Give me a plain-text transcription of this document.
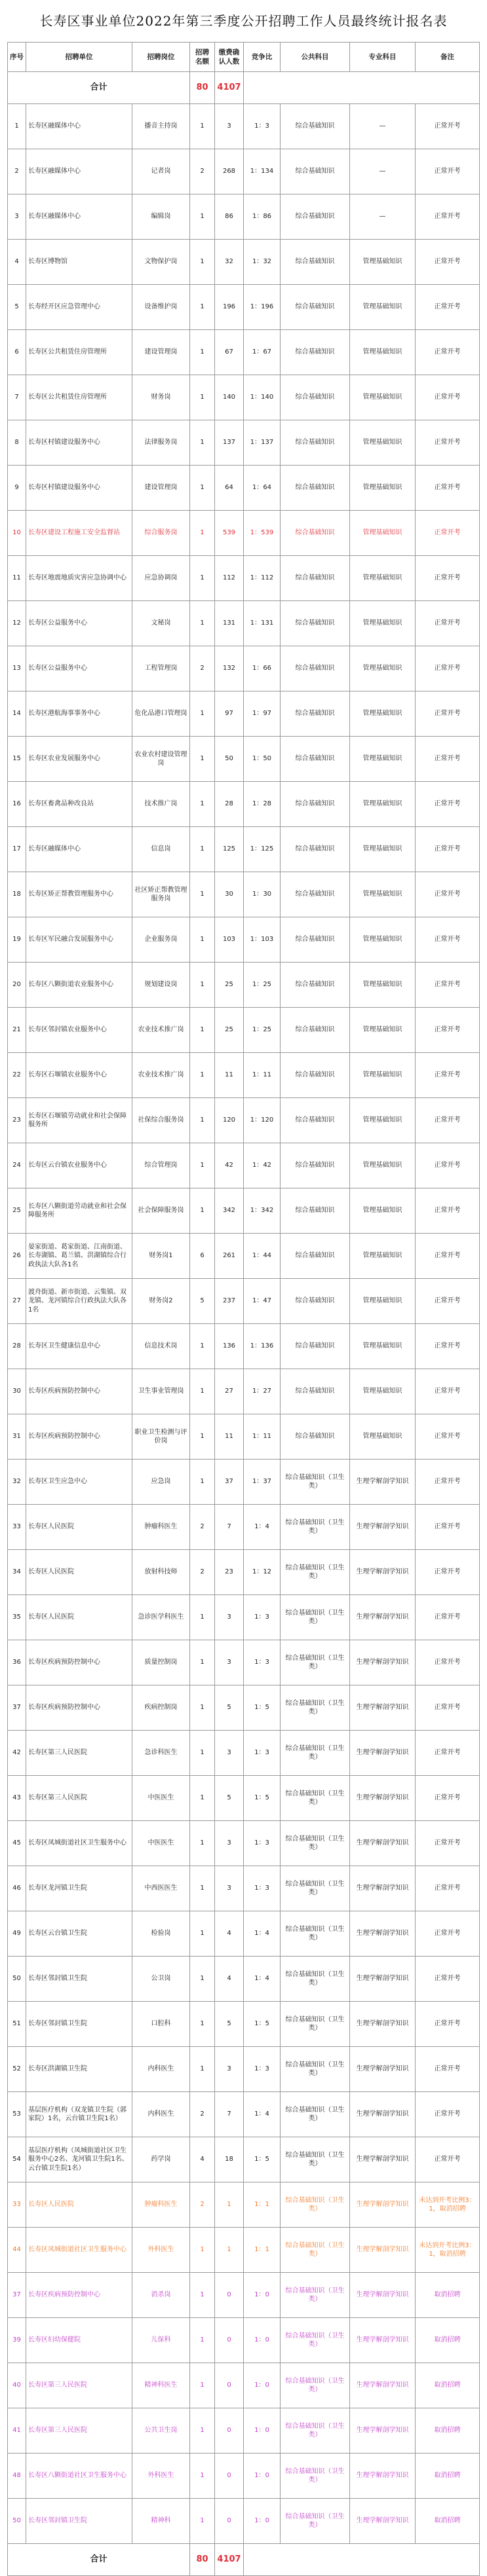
长寿区事业单位2022年第三季度公开招聘工作人员最终统计报名表
序号	招聘单位	招聘岗位	招聘名额	缴费确认人数	竞争比	公共科目	专业科目	备注
合计			80	4107				
1	长寿区融媒体中心	播音主持岗	1	3	1：3	综合基础知识	—	正常开考
2	长寿区融媒体中心	记者岗	2	268	1：134	综合基础知识	—	正常开考
3	长寿区融媒体中心	编辑岗	1	86	1：86	综合基础知识	—	正常开考
4	长寿区博物馆	文物保护岗	1	32	1：32	综合基础知识	管理基础知识	正常开考
5	长寿经开区应急管理中心	设备维护岗	1	196	1：196	综合基础知识	管理基础知识	正常开考
6	长寿区公共租赁住房管理所	建设管理岗	1	67	1：67	综合基础知识	管理基础知识	正常开考
7	长寿区公共租赁住房管理所	财务岗	1	140	1：140	综合基础知识	管理基础知识	正常开考
8	长寿区村镇建设服务中心	法律服务岗	1	137	1：137	综合基础知识	管理基础知识	正常开考
9	长寿区村镇建设服务中心	建设管理岗	1	64	1：64	综合基础知识	管理基础知识	正常开考
10	长寿区建设工程施工安全监督站	综合服务岗	1	539	1：539	综合基础知识	管理基础知识	正常开考
11	长寿区地震地质灾害应急协调中心	应急协调岗	1	112	1：112	综合基础知识	管理基础知识	正常开考
12	长寿区公益服务中心	文秘岗	1	131	1：131	综合基础知识	管理基础知识	正常开考
13	长寿区公益服务中心	工程管理岗	2	132	1：66	综合基础知识	管理基础知识	正常开考
14	长寿区港航海事事务中心	危化品港口管理岗	1	97	1：97	综合基础知识	管理基础知识	正常开考
15	长寿区农业发展服务中心	农业农村建设管理岗	1	50	1：50	综合基础知识	管理基础知识	正常开考
16	长寿区畜禽品种改良站	技术推广岗	1	28	1：28	综合基础知识	管理基础知识	正常开考
17	长寿区融媒体中心	信息岗	1	125	1：125	综合基础知识	管理基础知识	正常开考
18	长寿区矫正帮教管理服务中心	社区矫正帮教管理服务岗	1	30	1：30	综合基础知识	管理基础知识	正常开考
19	长寿区军民融合发展服务中心	企业服务岗	1	103	1：103	综合基础知识	管理基础知识	正常开考
20	长寿区八颗街道农业服务中心	规划建设岗	1	25	1：25	综合基础知识	管理基础知识	正常开考
21	长寿区邻封镇农业服务中心	农业技术推广岗	1	25	1：25	综合基础知识	管理基础知识	正常开考
22	长寿区石堰镇农业服务中心	农业技术推广岗	1	11	1：11	综合基础知识	管理基础知识	正常开考
23	长寿区石堰镇劳动就业和社会保障服务所	社保综合服务岗	1	120	1：120	综合基础知识	管理基础知识	正常开考
24	长寿区云台镇农业服务中心	综合管理岗	1	42	1：42	综合基础知识	管理基础知识	正常开考
25	长寿区八颗街道劳动就业和社会保障服务所	社会保障服务岗	1	342	1：342	综合基础知识	管理基础知识	正常开考
26	晏家街道、葛家街道、江南街道、长寿湖镇、葛兰镇、洪湖镇综合行政执法大队各1名	财务岗1	6	261	1：44	综合基础知识	管理基础知识	正常开考
27	渡舟街道、新市街道、云集镇、双龙镇、龙河镇综合行政执法大队各1名	财务岗2	5	237	1：47	综合基础知识	管理基础知识	正常开考
28	长寿区卫生健康信息中心	信息技术岗	1	136	1：136	综合基础知识	管理基础知识	正常开考
30	长寿区疾病预防控制中心	卫生事业管理岗	1	27	1：27	综合基础知识	管理基础知识	正常开考
31	长寿区疾病预防控制中心	职业卫生检测与评价岗	1	11	1：11	综合基础知识	管理基础知识	正常开考
32	长寿区卫生应急中心	应急岗	1	37	1：37	综合基础知识（卫生类）	生理学解剖学知识	正常开考
33	长寿区人民医院	肿瘤科医生	2	7	1：4	综合基础知识（卫生类）	生理学解剖学知识	正常开考
34	长寿区人民医院	放射科技师	2	23	1：12	综合基础知识（卫生类）	生理学解剖学知识	正常开考
35	长寿区人民医院	急诊医学科医生	1	3	1：3	综合基础知识（卫生类）	生理学解剖学知识	正常开考
36	长寿区疾病预防控制中心	质量控制岗	1	3	1：3	综合基础知识（卫生类）	生理学解剖学知识	正常开考
37	长寿区疾病预防控制中心	疾病控制岗	1	5	1：5	综合基础知识（卫生类）	生理学解剖学知识	正常开考
42	长寿区第三人民医院	急诊科医生	1	3	1：3	综合基础知识（卫生类）	生理学解剖学知识	正常开考
43	长寿区第三人民医院	中医医生	1	5	1：5	综合基础知识（卫生类）	生理学解剖学知识	正常开考
45	长寿区凤城街道社区卫生服务中心	中医医生	1	3	1：3	综合基础知识（卫生类）	生理学解剖学知识	正常开考
46	长寿区龙河镇卫生院	中西医医生	1	3	1：3	综合基础知识（卫生类）	生理学解剖学知识	正常开考
49	长寿区云台镇卫生院	检验岗	1	4	1：4	综合基础知识（卫生类）	生理学解剖学知识	正常开考
50	长寿区邻封镇卫生院	公卫岗	1	4	1：4	综合基础知识（卫生类）	生理学解剖学知识	正常开考
51	长寿区邻封镇卫生院	口腔科	1	5	1：5	综合基础知识（卫生类）	生理学解剖学知识	正常开考
52	长寿区洪湖镇卫生院	内科医生	1	3	1：3	综合基础知识（卫生类）	生理学解剖学知识	正常开考
53	基层医疗机构（双龙镇卫生院（郭家院）1名，云台镇卫生院1名）	内科医生	2	7	1：4	综合基础知识（卫生类）	生理学解剖学知识	正常开考
54	基层医疗机构（凤城街道社区卫生服务中心2名、龙河镇卫生院1名、云台镇卫生院1名）	药学岗	4	18	1：5	综合基础知识（卫生类）	生理学解剖学知识	正常开考
33	长寿区人民医院	肿瘤科医生	2	1	1：1	综合基础知识（卫生类）	生理学解剖学知识	未达到开考比例3：1，取消招聘
44	长寿区凤城街道社区卫生服务中心	外科医生	1	1	1：1	综合基础知识（卫生类）	生理学解剖学知识	未达到开考比例3：1，取消招聘
37	长寿区疾病预防控制中心	消杀岗	1	0	1：0	综合基础知识（卫生类）	生理学解剖学知识	取消招聘
39	长寿区妇幼保健院	儿保科	1	0	1：0	综合基础知识（卫生类）	生理学解剖学知识	取消招聘
40	长寿区第三人民医院	精神科医生	1	0	1：0	综合基础知识（卫生类）	生理学解剖学知识	取消招聘
41	长寿区第三人民医院	公共卫生岗	1	0	1：0	综合基础知识（卫生类）	生理学解剖学知识	取消招聘
48	长寿区八颗街道社区卫生服务中心	外科医生	1	0	1：0	综合基础知识（卫生类）	生理学解剖学知识	取消招聘
50	长寿区邻封镇卫生院	精神科	1	0	1：0	综合基础知识（卫生类）	生理学解剖学知识	取消招聘
合计			80	4107				
